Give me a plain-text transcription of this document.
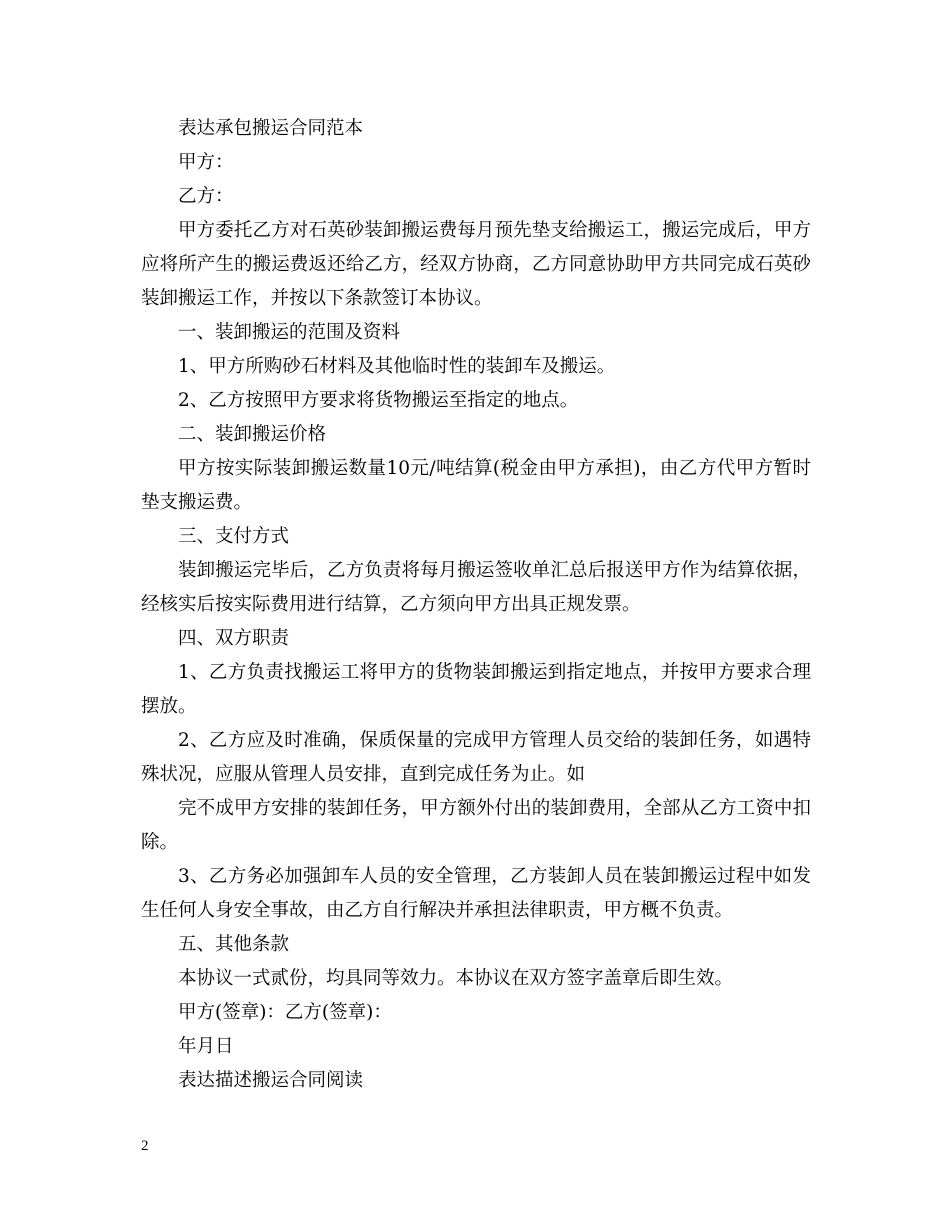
表达承包搬运合同范本

甲方：

乙方：

甲方委托乙方对石英砂装卸搬运费每月预先垫支给搬运工，搬运完成后，甲方应将所产生的搬运费返还给乙方，经双方协商，乙方同意协助甲方共同完成石英砂装卸搬运工作，并按以下条款签订本协议。

一、装卸搬运的范围及资料

1、甲方所购砂石材料及其他临时性的装卸车及搬运。

2、乙方按照甲方要求将货物搬运至指定的地点。

二、装卸搬运价格

甲方按实际装卸搬运数量10元/吨结算(税金由甲方承担)，由乙方代甲方暂时垫支搬运费。

三、支付方式

装卸搬运完毕后，乙方负责将每月搬运签收单汇总后报送甲方作为结算依据，经核实后按实际费用进行结算，乙方须向甲方出具正规发票。

四、双方职责

1、乙方负责找搬运工将甲方的货物装卸搬运到指定地点，并按甲方要求合理摆放。

2、乙方应及时准确，保质保量的完成甲方管理人员交给的装卸任务，如遇特殊状况，应服从管理人员安排，直到完成任务为止。如

完不成甲方安排的装卸任务，甲方额外付出的装卸费用，全部从乙方工资中扣除。

3、乙方务必加强卸车人员的安全管理，乙方装卸人员在装卸搬运过程中如发生任何人身安全事故，由乙方自行解决并承担法律职责，甲方概不负责。

五、其他条款

本协议一式贰份，均具同等效力。本协议在双方签字盖章后即生效。

甲方(签章)：乙方(签章)：

年月日

表达描述搬运合同阅读

2
